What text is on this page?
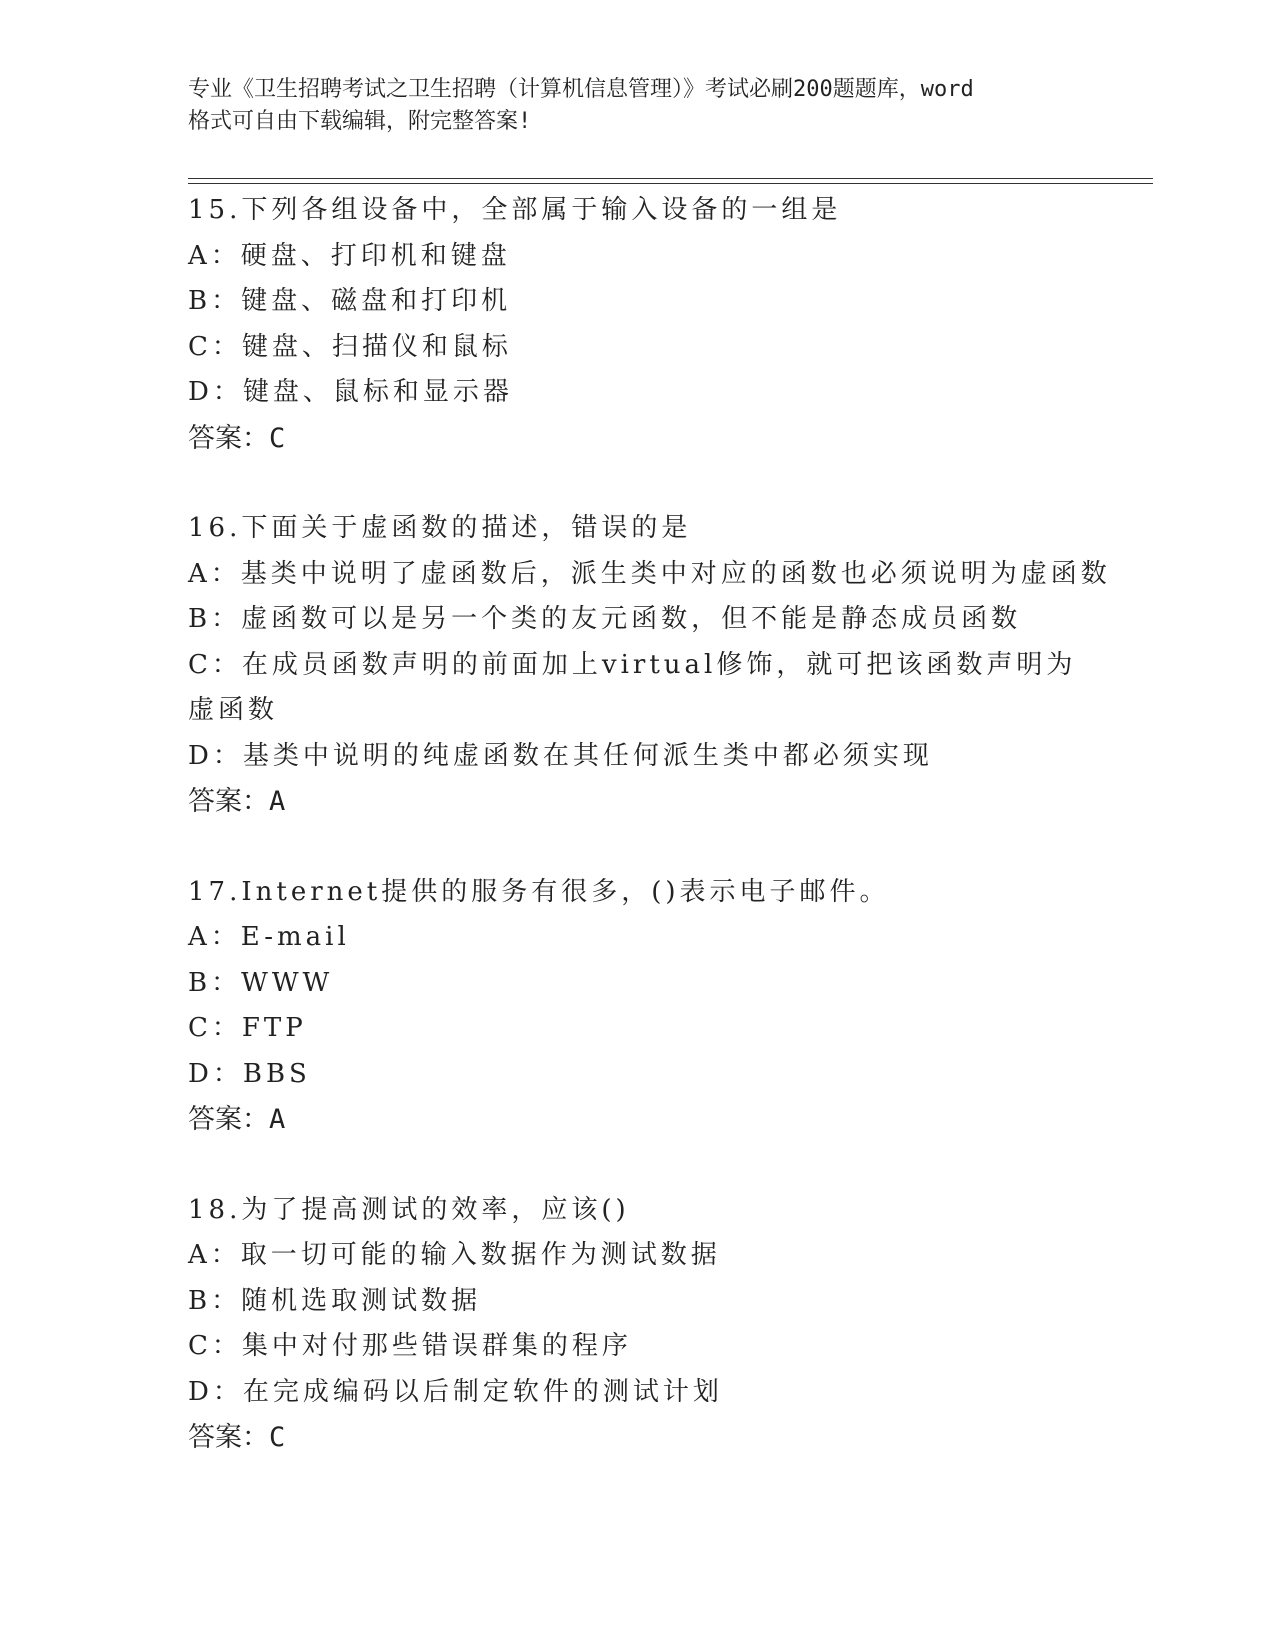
专业《卫生招聘考试之卫生招聘（计算机信息管理）》考试必刷200题题库，word
格式可自由下载编辑，附完整答案!
15.下列各组设备中，全部属于输入设备的一组是
A：硬盘、打印机和键盘
B：键盘、磁盘和打印机
C：键盘、扫描仪和鼠标
D：键盘、鼠标和显示器
答案：C
16.下面关于虚函数的描述，错误的是
A：基类中说明了虚函数后，派生类中对应的函数也必须说明为虚函数
B：虚函数可以是另一个类的友元函数，但不能是静态成员函数
C：在成员函数声明的前面加上virtual修饰，就可把该函数声明为虚函数
D：基类中说明的纯虚函数在其任何派生类中都必须实现
答案：A
17.Internet提供的服务有很多，()表示电子邮件。
A：E-mail
B：WWW
C：FTP
D：BBS
答案：A
18.为了提高测试的效率，应该()
A：取一切可能的输入数据作为测试数据
B：随机选取测试数据
C：集中对付那些错误群集的程序
D：在完成编码以后制定软件的测试计划
答案：C
